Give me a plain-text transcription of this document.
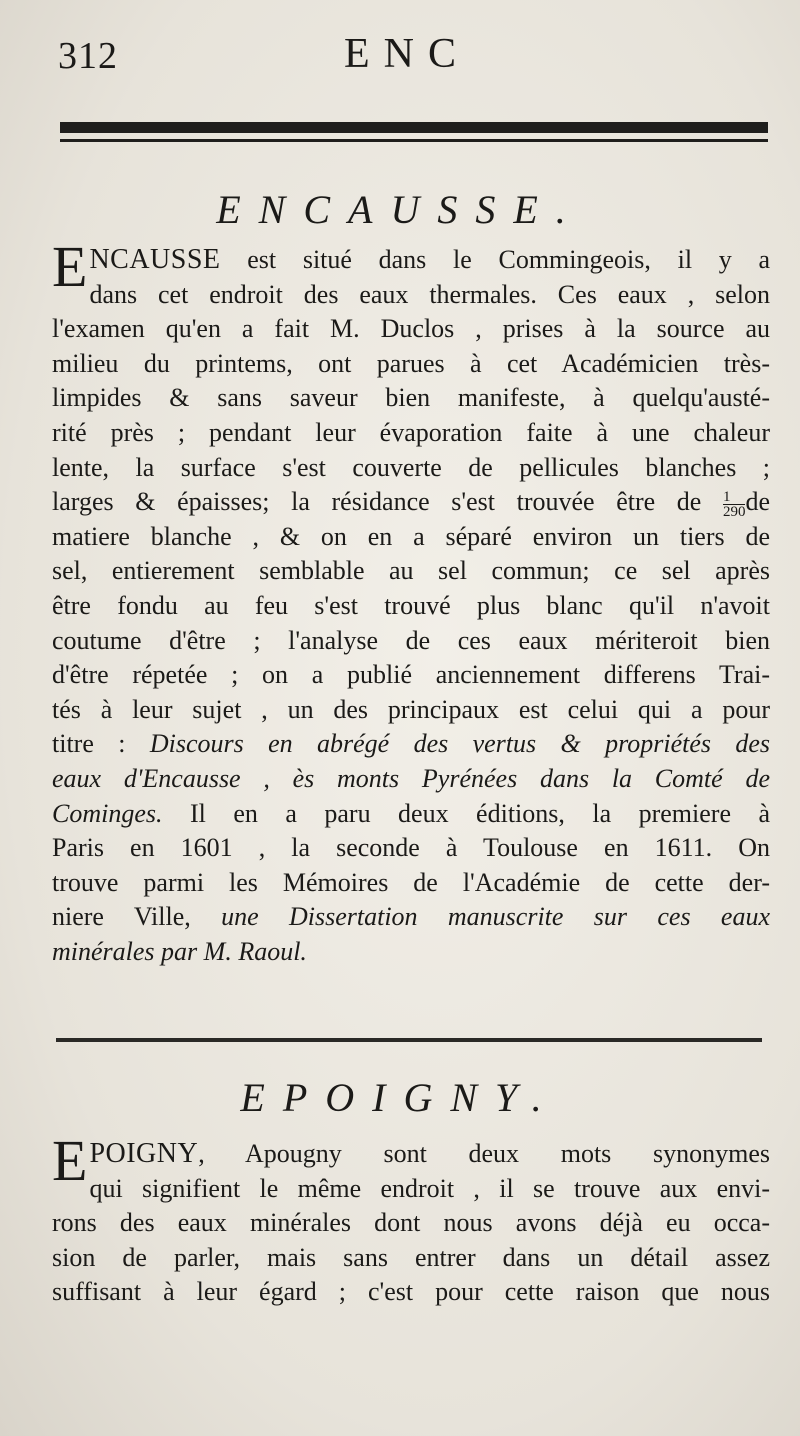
312	ENC
ENCAUSSE.
ENCAUSSE est situé dans le Commingeois, il y a
dans cet endroit des eaux thermales. Ces eaux , selon
l'examen qu'en a fait M. Duclos , prises à la source au
milieu du printems, ont parues à cet Académicien très-
limpides & sans saveur bien manifeste, à quelqu'austé-
rité près ; pendant leur évaporation faite à une chaleur
lente, la surface s'est couverte de pellicules blanches ;
larges & épaisses; la résidance s'est trouvée être de $\frac{1}{290}$ de
matiere blanche , & on en a séparé environ un tiers de
sel, entierement semblable au sel commun; ce sel après
être fondu au feu s'est trouvé plus blanc qu'il n'avoit
coutume d'être ; l'analyse de ces eaux mériteroit bien
d'être répetée ; on a publié anciennement differens Trai-
tés à leur sujet , un des principaux est celui qui a pour
titre : Discours en abrégé des vertus & propriétés des
eaux d'Encausse , ès monts Pyrénées dans la Comté de
Cominges. Il en a paru deux éditions, la premiere à
Paris en 1601 , la seconde à Toulouse en 1611. On
trouve parmi les Mémoires de l'Académie de cette der-
niere Ville, une Dissertation manuscrite sur ces eaux
minérales par M. Raoul.
EPOIGNY.
EPOIGNY, Apougny sont deux mots synonymes
qui signifient le même endroit , il se trouve aux envi-
rons des eaux minérales dont nous avons déjà eu occa-
sion de parler, mais sans entrer dans un détail assez
suffisant à leur égard ; c'est pour cette raison que nous
